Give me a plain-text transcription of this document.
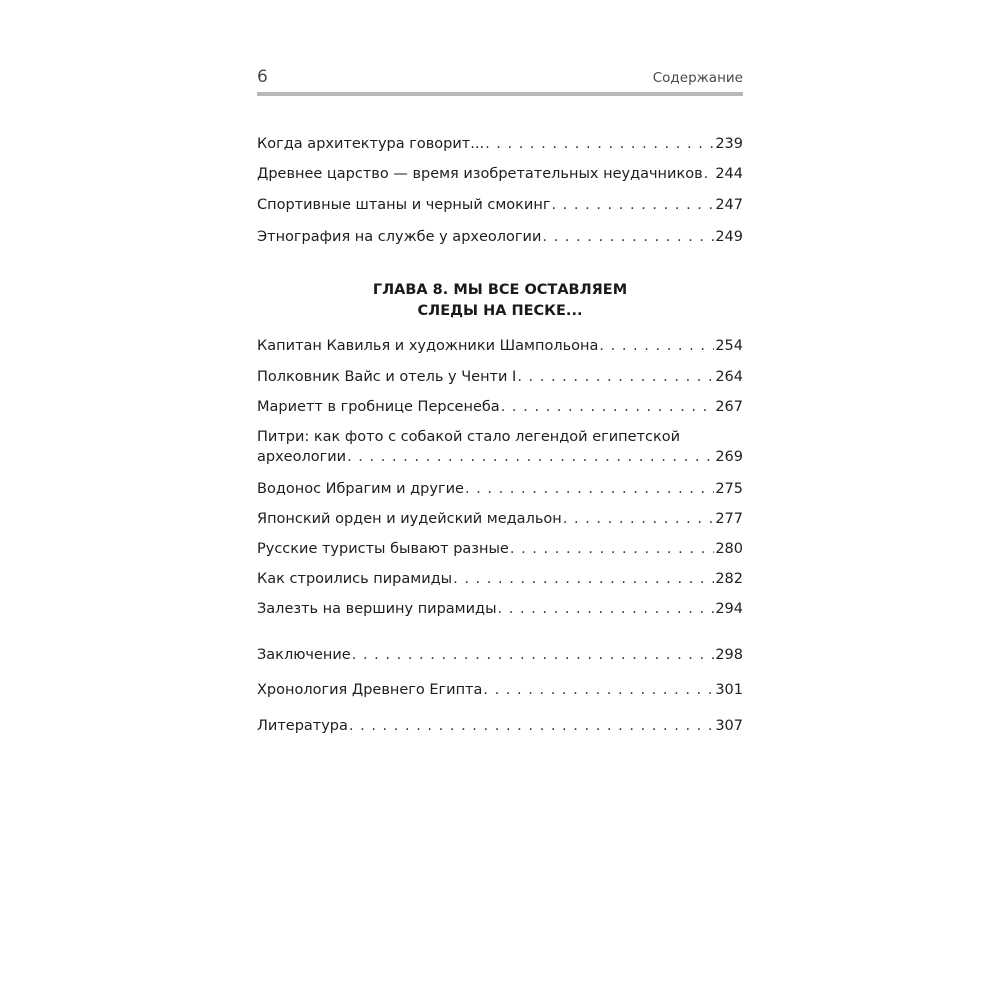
6	Содержание
Когда архитектура говорит... . . .	239
Древнее царство — время изобретательных неудачников . . . 244
Спортивные штаны и черный смокинг . . .	247
Этнография на службе у археологии . . .	249
ГЛАВА 8. МЫ ВСЕ ОСТАВЛЯЕМ
СЛЕДЫ НА ПЕСКЕ...
Капитан Кавилья и художники Шампольона . . .	254
Полковник Вайс и отель у Ченти I . . .	264
Мариетт в гробнице Персенеба . . .	267
Питри: как фото с собакой стало легендой египетской
археологии . . .	269
Водонос Ибрагим и другие . . .	275
Японский орден и иудейский медальон . . .	277
Русские туристы бывают разные . . .	280
Как строились пирамиды . . .	282
Залезть на вершину пирамиды . . .	294
Заключение . . .	298
Хронология Древнего Египта . . .	301
Литература . . .	307
